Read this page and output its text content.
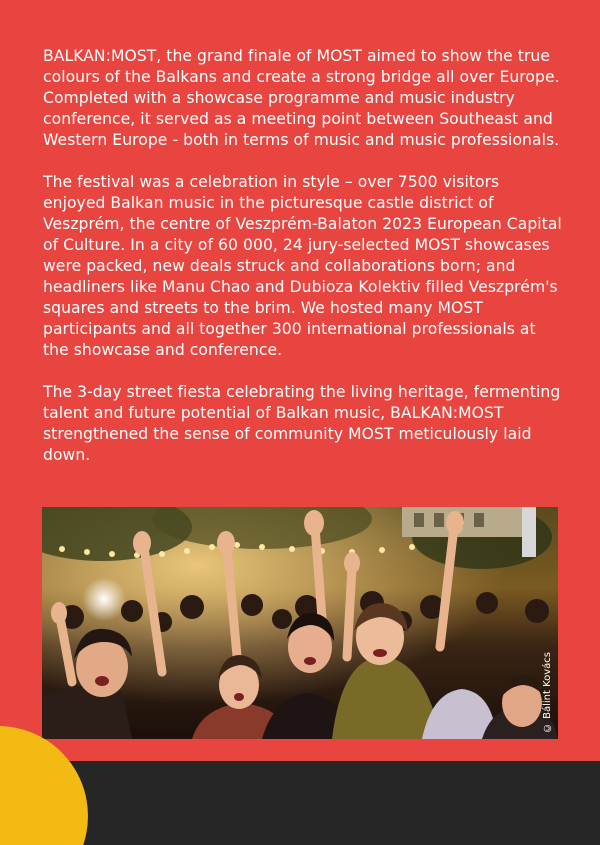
BALKAN:MOST, the grand finale of MOST aimed to show the true colours of the Balkans and create a strong bridge all over Europe. Completed with a showcase programme and music industry conference, it served as a meeting point between Southeast and Western Europe - both in terms of music and music professionals.

The festival was a celebration in style – over 7500 visitors enjoyed Balkan music in the picturesque castle district of Veszprém, the centre of Veszprém-Balaton 2023 European Capital of Culture. In a city of 60 000, 24 jury-selected MOST showcases were packed, new deals struck and collaborations born; and headliners like Manu Chao and Dubioza Kolektiv filled Veszprém's squares and streets to the brim. We hosted many MOST participants and all together 300 international professionals at the showcase and conference.

The 3-day street fiesta celebrating the living heritage, fermenting talent and future potential of Balkan music, BALKAN:MOST strengthened the sense of community MOST meticulously laid down.

© Bálint Kovács
